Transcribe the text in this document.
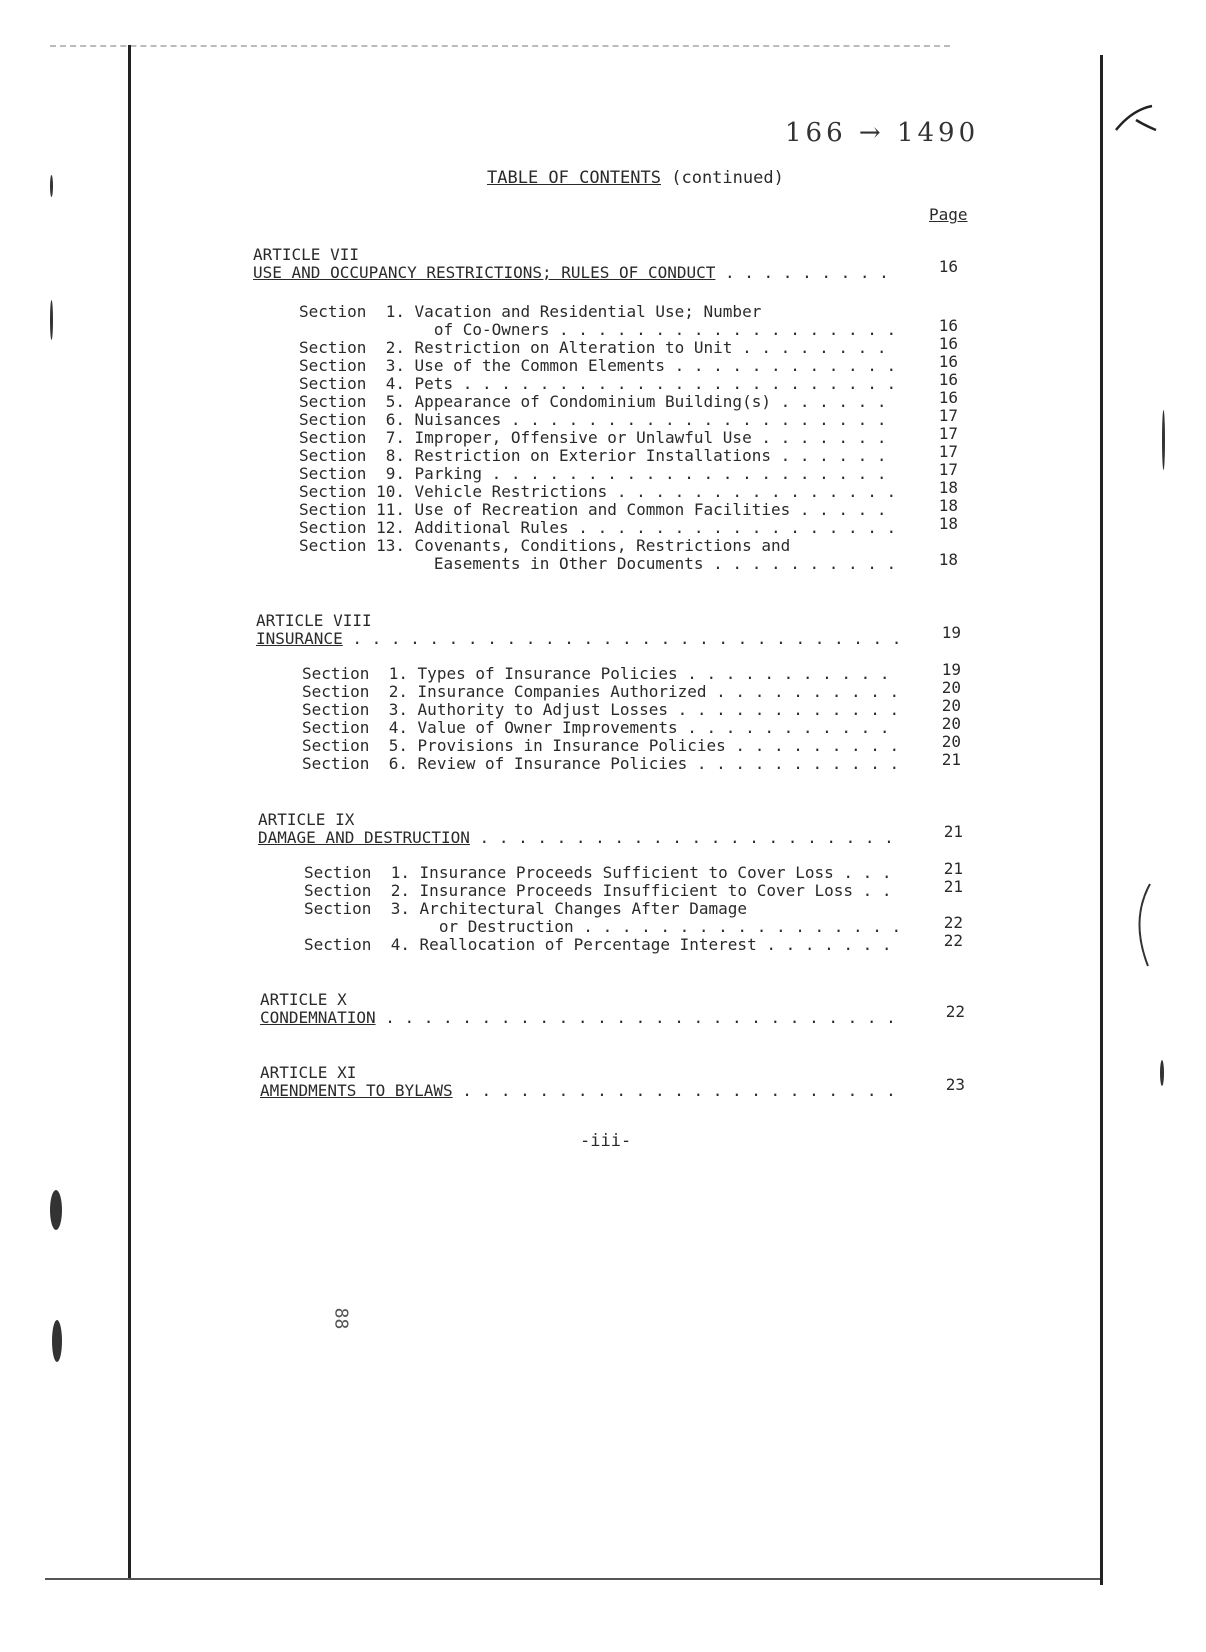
166 → 1490
TABLE OF CONTENTS (continued)
Page
ARTICLE VII
USE AND OCCUPANCY RESTRICTIONS; RULES OF CONDUCT . . . . . . . . .	16
Section  1. Vacation and Residential Use; Number
of Co-Owners . . . . . . . . . . . . . . . . . .	16
Section  2. Restriction on Alteration to Unit . . . . . . . .	16
Section  3. Use of the Common Elements . . . . . . . . . . . .	16
Section  4. Pets . . . . . . . . . . . . . . . . . . . . . . .	16
Section  5. Appearance of Condominium Building(s) . . . . . .	16
Section  6. Nuisances . . . . . . . . . . . . . . . . . . . .	17
Section  7. Improper, Offensive or Unlawful Use . . . . . . .	17
Section  8. Restriction on Exterior Installations . . . . . .	17
Section  9. Parking . . . . . . . . . . . . . . . . . . . . .	17
Section 10. Vehicle Restrictions . . . . . . . . . . . . . . .	18
Section 11. Use of Recreation and Common Facilities . . . . .	18
Section 12. Additional Rules . . . . . . . . . . . . . . . . .	18
Section 13. Covenants, Conditions, Restrictions and
Easements in Other Documents . . . . . . . . . .	18
ARTICLE VIII
INSURANCE . . . . . . . . . . . . . . . . . . . . . . . . . . . . .	19
Section  1. Types of Insurance Policies . . . . . . . . . . .	19
Section  2. Insurance Companies Authorized . . . . . . . . . .	20
Section  3. Authority to Adjust Losses . . . . . . . . . . . .	20
Section  4. Value of Owner Improvements . . . . . . . . . . .	20
Section  5. Provisions in Insurance Policies . . . . . . . . .	20
Section  6. Review of Insurance Policies . . . . . . . . . . .	21
ARTICLE IX
DAMAGE AND DESTRUCTION . . . . . . . . . . . . . . . . . . . . . .	21
Section  1. Insurance Proceeds Sufficient to Cover Loss . . .	21
Section  2. Insurance Proceeds Insufficient to Cover Loss . .	21
Section  3. Architectural Changes After Damage
or Destruction . . . . . . . . . . . . . . . . .	22
Section  4. Reallocation of Percentage Interest . . . . . . .	22
ARTICLE X
CONDEMNATION . . . . . . . . . . . . . . . . . . . . . . . . . . .	22
ARTICLE XI
AMENDMENTS TO BYLAWS . . . . . . . . . . . . . . . . . . . . . . .	23
-iii-
88
